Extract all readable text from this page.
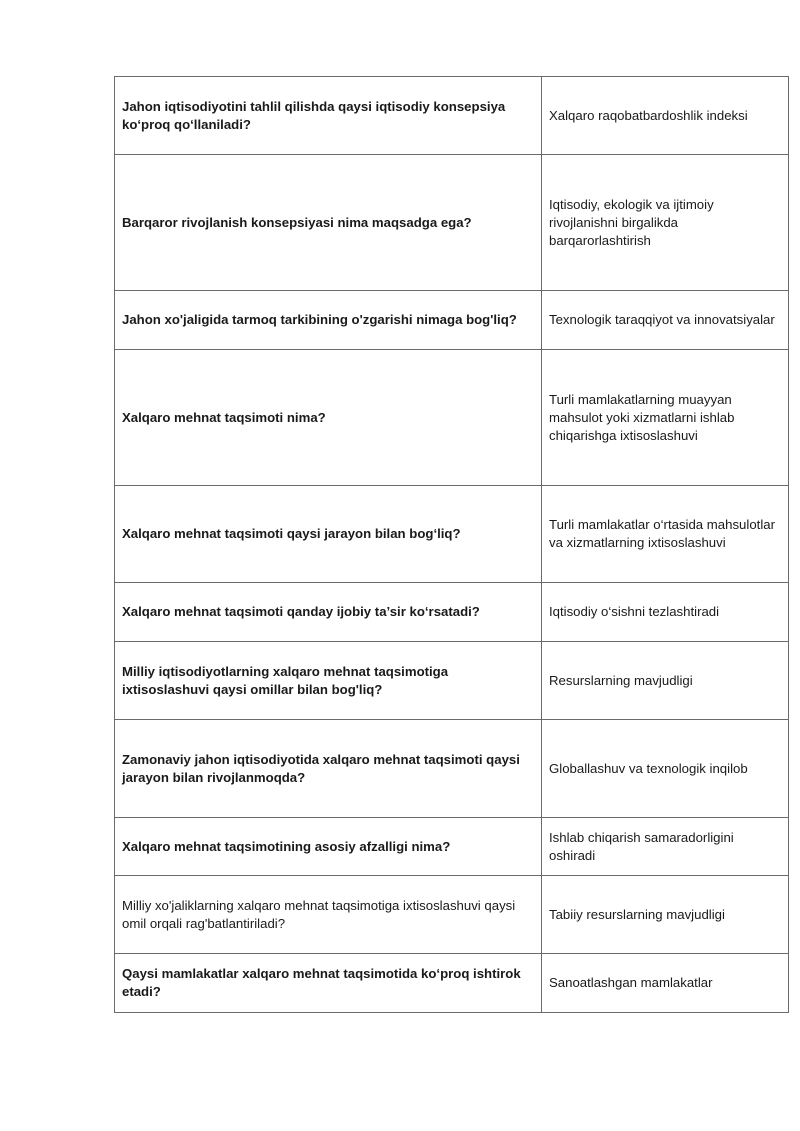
Jahon iqtisodiyotini tahlil qilishda qaysi iqtisodiy konsepsiya ko‘proq qo‘llaniladi?	Xalqaro raqobatbardoshlik indeksi
Barqaror rivojlanish konsepsiyasi nima maqsadga ega?	Iqtisodiy, ekologik va ijtimoiy rivojlanishni birgalikda barqarorlashtirish
Jahon xo'jaligida tarmoq tarkibining o'zgarishi nimaga bog'liq?	Texnologik taraqqiyot va innovatsiyalar
Xalqaro mehnat taqsimoti nima?	Turli mamlakatlarning muayyan mahsulot yoki xizmatlarni ishlab chiqarishga ixtisoslashuvi
Xalqaro mehnat taqsimoti qaysi jarayon bilan bog‘liq?	Turli mamlakatlar o‘rtasida mahsulotlar va xizmatlarning ixtisoslashuvi
Xalqaro mehnat taqsimoti qanday ijobiy ta’sir ko‘rsatadi?	Iqtisodiy o‘sishni tezlashtiradi
Milliy iqtisodiyotlarning xalqaro mehnat taqsimotiga ixtisoslashuvi qaysi omillar bilan bog'liq?	Resurslarning mavjudligi
Zamonaviy jahon iqtisodiyotida xalqaro mehnat taqsimoti qaysi jarayon bilan rivojlanmoqda?	Globallashuv va texnologik inqilob
Xalqaro mehnat taqsimotining asosiy afzalligi nima?	Ishlab chiqarish samaradorligini oshiradi
Milliy xo'jaliklarning xalqaro mehnat taqsimotiga ixtisoslashuvi qaysi omil orqali rag'batlantiriladi?	Tabiiy resurslarning mavjudligi
Qaysi mamlakatlar xalqaro mehnat taqsimotida ko‘proq ishtirok etadi?	Sanoatlashgan mamlakatlar
